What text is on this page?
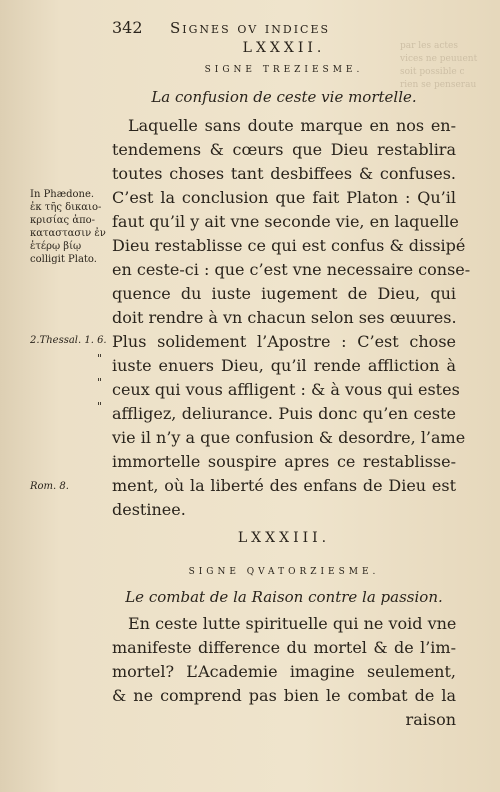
par les actes
vices ne peuuent
soit possible c
rien se penserau
342 Signes ov indices
LXXXII.
SIGNE TREZIESME.
La confusion de ceste vie mortelle.
Laquelle sans doute marque en nos en-
tendemens & cœurs que Dieu restablira
toutes choses tant desbiffees & confuses.
C’est la conclusion que fait Platon : Qu’il
faut qu’il y ait vne seconde vie, en laquelle
Dieu restablisse ce qui est confus & dissipé
en ceste-ci : que c’est vne necessaire conse-
quence du iuste iugement de Dieu, qui
doit rendre à vn chacun selon ses œuures.
Plus solidement l’Apostre : C’est chose
iuste enuers Dieu, qu’il rende affliction à
ceux qui vous affligent : & à vous qui estes
affligez, deliurance. Puis donc qu’en ceste
vie il n’y a que confusion & desordre, l’ame
immortelle souspire apres ce restablisse-
ment, où la liberté des enfans de Dieu est
destinee.
In Phædone.
ἐκ τῆς δικαιο-
κρισίας ἀπο-
καταστασιν ἐν
ἑτέρῳ βίῳ
colligit Plato.
2.Thessal. 1. 6.
Rom. 8.
"
"
"
LXXXIII.
SIGNE QVATORZIESME.
Le combat de la Raison contre la passion.
En ceste lutte spirituelle qui ne void vne
manifeste difference du mortel & de l’im-
mortel? L’Academie imagine seulement,
& ne comprend pas bien le combat de la
raison
